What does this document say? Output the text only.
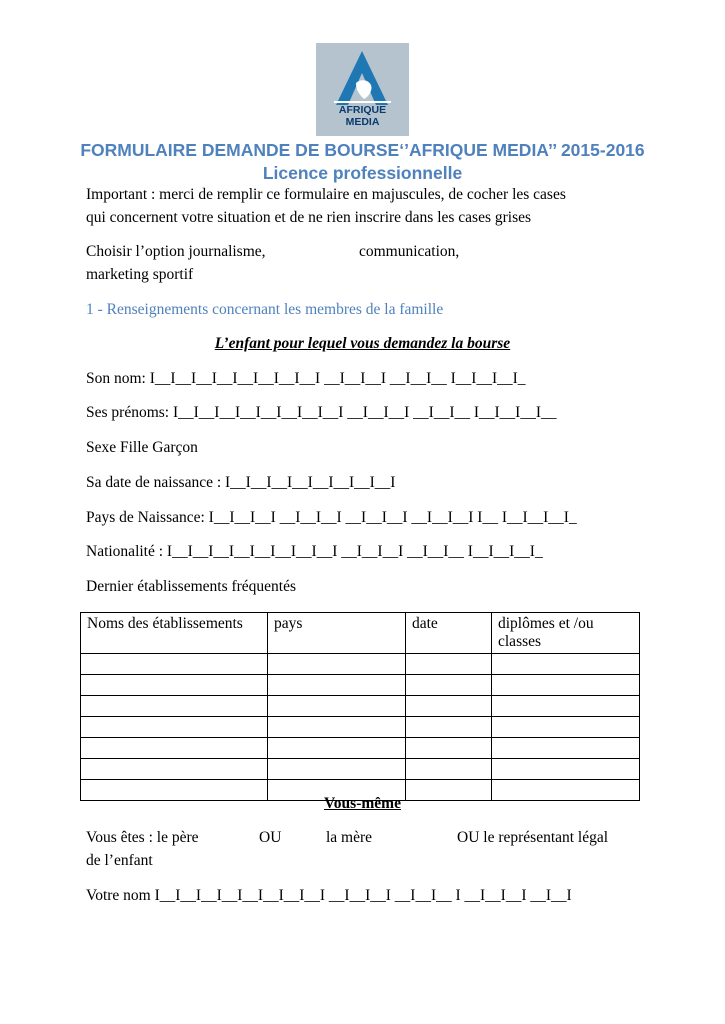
AFRIQUE
MEDIA
FORMULAIRE DEMANDE DE BOURSE‘’AFRIQUE MEDIA’’ 2015-2016
Licence professionnelle
Important : merci de remplir ce formulaire en majuscules, de cocher les cases
qui concernent votre situation et de ne rien inscrire dans les cases grises
Choisir l’option journalisme,	communication,
marketing sportif
1 - Renseignements concernant les membres de la famille
L’enfant pour lequel vous demandez la bourse
Son nom: I__I__I__I__I__I__I__I__I __I__I__I __I__I__ I__I__I__I_
Ses prénoms: I__I__I__I__I__I__I__I__I __I__I__I __I__I__ I__I__I__I__
Sexe Fille Garçon
Sa date de naissance : I__I__I__I__I__I__I__I__I
Pays de Naissance: I__I__I__I __I__I__I __I__I__I __I__I__I I__ I__I__I__I_
Nationalité : I__I__I__I__I__I__I__I__I __I__I__I __I__I__ I__I__I__I_
Dernier établissements fréquentés
Noms des établissements	pays	date	diplômes et /ou classes

Vous-même
Vous êtes : le père	OU	la mère	OU le représentant légal
de l’enfant
Votre nom I__I__I__I__I__I__I__I__I __I__I__I __I__I__ I __I__I__I __I__I
